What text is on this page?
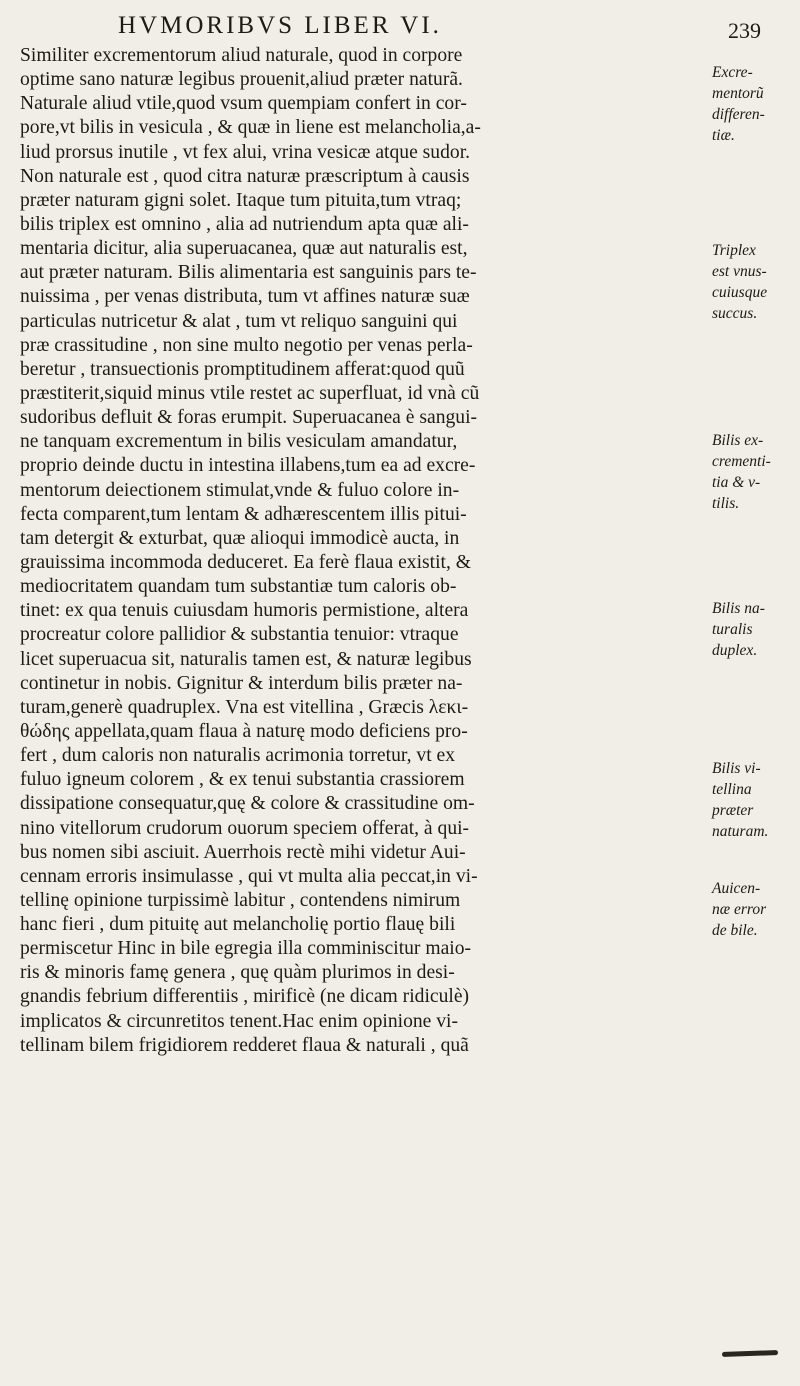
HVMORIBVS LIBER VI.	239
Similiter excrementorum aliud naturale, quod in corpore
optime sano naturæ legibus prouenit,aliud præter naturã.
Naturale aliud vtile,quod vsum quempiam confert in cor-
pore,vt bilis in vesicula , & quæ in liene est melancholia,a-
liud prorsus inutile , vt fex alui, vrina vesicæ atque sudor.
Non naturale est , quod citra naturæ præscriptum à causis
præter naturam gigni solet. Itaque tum pituita,tum vtraq;
bilis triplex est omnino , alia ad nutriendum apta quæ ali-
mentaria dicitur, alia superuacanea, quæ aut naturalis est,
aut præter naturam. Bilis alimentaria est sanguinis pars te-
nuissima , per venas distributa, tum vt affines naturæ suæ
particulas nutricetur & alat , tum vt reliquo sanguini qui
præ crassitudine , non sine multo negotio per venas perla-
beretur , transuectionis promptitudinem afferat:quod quũ
præstiterit,siquid minus vtile restet ac superfluat, id vnà cũ
sudoribus defluit & foras erumpit. Superuacanea è sangui-
ne tanquam excrementum in bilis vesiculam amandatur,
proprio deinde ductu in intestina illabens,tum ea ad excre-
mentorum deiectionem stimulat,vnde & fuluo colore in-
fecta comparent,tum lentam & adhærescentem illis pitui-
tam detergit & exturbat, quæ alioqui immodicè aucta, in
grauissima incommoda deduceret. Ea ferè flaua existit, &
mediocritatem quandam tum substantiæ tum caloris ob-
tinet: ex qua tenuis cuiusdam humoris permistione, altera
procreatur colore pallidior & substantia tenuior: vtraque
licet superuacua sit, naturalis tamen est, & naturæ legibus
continetur in nobis. Gignitur & interdum bilis præter na-
turam,generè quadruplex. Vna est vitellina , Græcis λεκι-
θώδης appellata,quam flaua à naturę modo deficiens pro-
fert , dum caloris non naturalis acrimonia torretur, vt ex
fuluo igneum colorem , & ex tenui substantia crassiorem
dissipatione consequatur,quę & colore & crassitudine om-
nino vitellorum crudorum ouorum speciem offerat, à qui-
bus nomen sibi asciuit. Auerrhois rectè mihi videtur Aui-
cennam erroris insimulasse , qui vt multa alia peccat,in vi-
tellinę opinione turpissimè labitur , contendens nimirum
hanc fieri , dum pituitę aut melancholię portio flauę bili
permiscetur Hinc in bile egregia illa comminiscitur maio-
ris & minoris famę genera , quę quàm plurimos in desi-
gnandis febrium differentiis , mirificè (ne dicam ridiculè)
implicatos & circunretitos tenent.Hac enim opinione vi-
tellinam bilem frigidiorem redderet flaua & naturali , quã
Excre-
mentorũ
differen-
tiæ.
Triplex
est vnus-
cuiusque
succus.
Bilis ex-
crementi-
tia & v-
tilis.
Bilis na-
turalis
duplex.
Bilis vi-
tellina
præter
naturam.
Auicen-
næ error
de bile.
